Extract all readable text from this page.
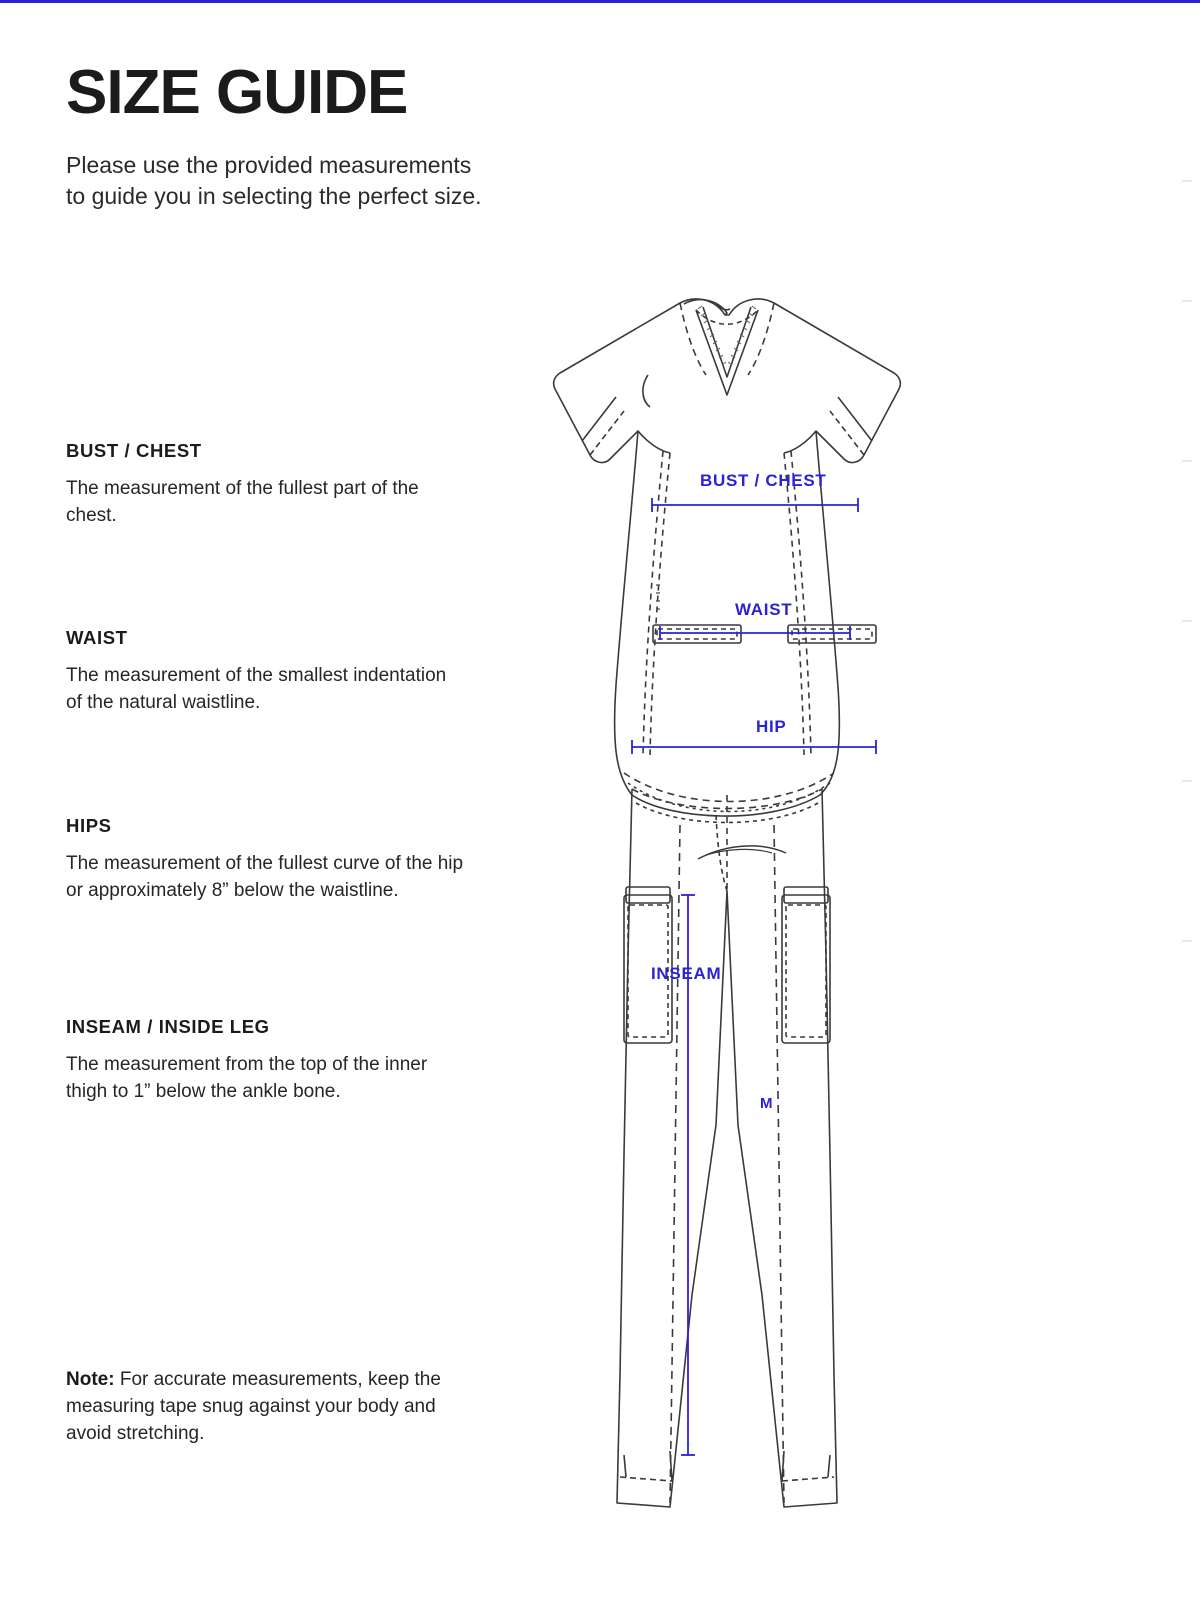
SIZE GUIDE

Please use the provided measurements to guide you in selecting the perfect size.

BUST / CHEST

The measurement of the fullest part of the chest.

WAIST

The measurement of the smallest indentation of the natural waistline.

HIPS

The measurement of the fullest curve of the hip or approximately 8” below the waistline.

INSEAM / INSIDE LEG

The measurement from the top of the inner thigh to 1” below the ankle bone.

Note: For accurate measurements, keep the measuring tape snug against your body and avoid stretching.
BUST / CHEST
WAIST
HIP
INSEAM
M
